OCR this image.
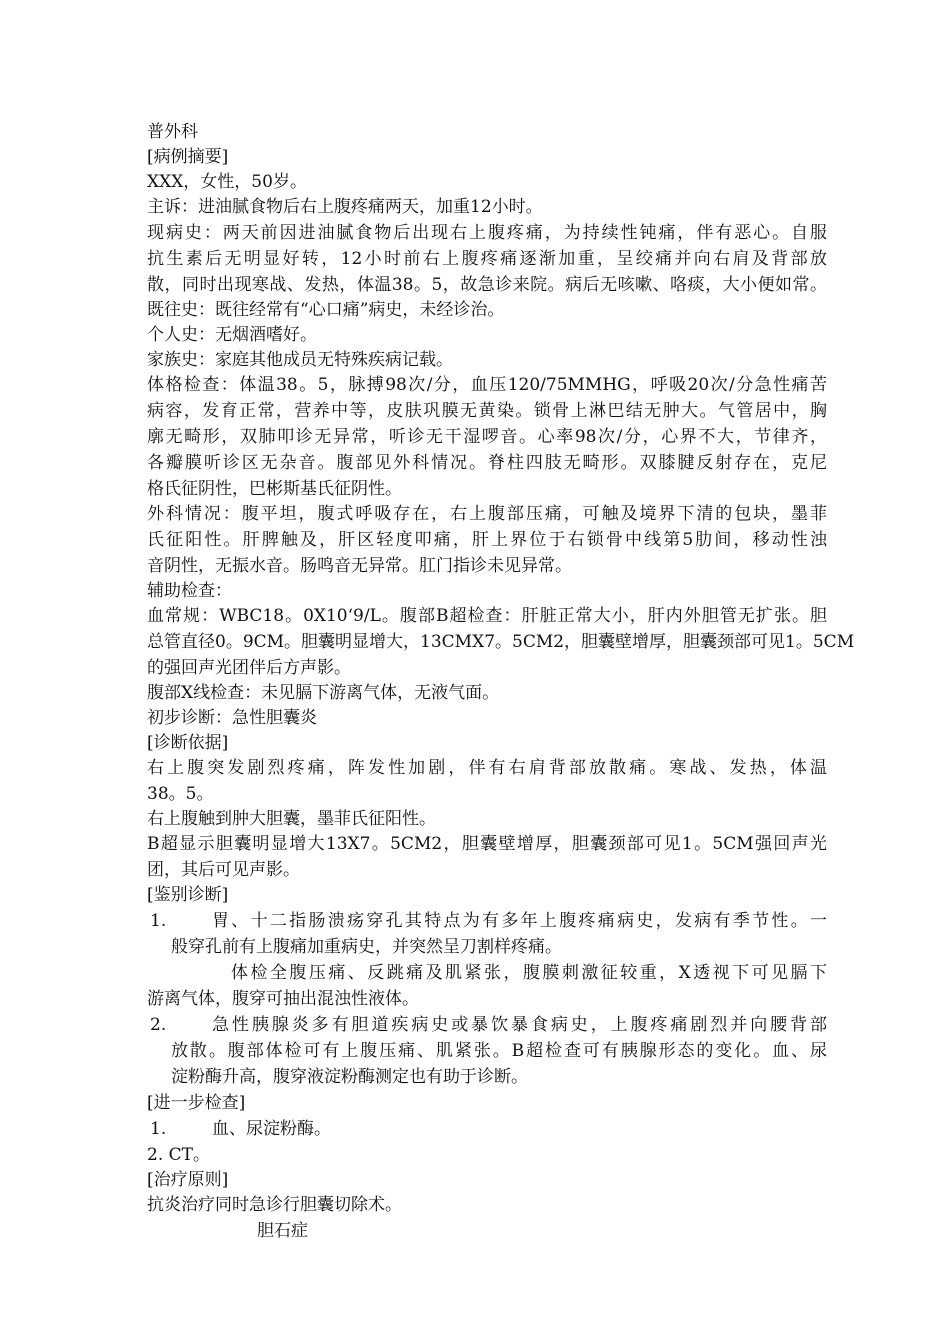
普外科
[病例摘要]
XXX，女性，50岁。
主诉：进油腻食物后右上腹疼痛两天，加重12小时。
现病史：两天前因进油腻食物后出现右上腹疼痛，为持续性钝痛，伴有恶心。自服
抗生素后无明显好转，12小时前右上腹疼痛逐渐加重，呈绞痛并向右肩及背部放
散，同时出现寒战、发热，体温38。5，故急诊来院。病后无咳嗽、咯痰，大小便如常。
既往史：既往经常有“心口痛”病史，未经诊治。
个人史：无烟酒嗜好。
家族史：家庭其他成员无特殊疾病记载。
体格检查：体温38。5，脉搏98次/分，血压120/75MMHG，呼吸20次/分急性痛苦
病容，发育正常，营养中等，皮肤巩膜无黄染。锁骨上淋巴结无肿大。气管居中，胸
廓无畸形，双肺叩诊无异常，听诊无干湿啰音。心率98次/分，心界不大，节律齐，
各瓣膜听诊区无杂音。腹部见外科情况。脊柱四肢无畸形。双膝腱反射存在，克尼
格氏征阴性，巴彬斯基氏征阴性。
外科情况：腹平坦，腹式呼吸存在，右上腹部压痛，可触及境界下清的包块，墨菲
氏征阳性。肝脾触及，肝区轻度叩痛，肝上界位于右锁骨中线第5肋间，移动性浊
音阴性，无振水音。肠鸣音无异常。肛门指诊未见异常。
辅助检查：
血常规：WBC18。0X10‘9/L。腹部B超检查：肝脏正常大小，肝内外胆管无扩张。胆
总管直径0。9CM。胆囊明显增大，13CMX7。5CM2，胆囊壁增厚，胆囊颈部可见1。5CM
的强回声光团伴后方声影。
腹部X线检查：未见膈下游离气体，无液气面。
初步诊断：急性胆囊炎
[诊断依据]
右上腹突发剧烈疼痛，阵发性加剧，伴有右肩背部放散痛。寒战、发热，体温
38。5。
右上腹触到肿大胆囊，墨菲氏征阳性。
B超显示胆囊明显增大13X7。5CM2，胆囊壁增厚，胆囊颈部可见1。5CM强回声光
团，其后可见声影。
[鉴别诊断]
1.	胃、十二指肠溃疡穿孔其特点为有多年上腹疼痛病史，发病有季节性。一
般穿孔前有上腹痛加重病史，并突然呈刀割样疼痛。
体检全腹压痛、反跳痛及肌紧张，腹膜刺激征较重，X透视下可见膈下
游离气体，腹穿可抽出混浊性液体。
2.	急性胰腺炎多有胆道疾病史或暴饮暴食病史，上腹疼痛剧烈并向腰背部
放散。腹部体检可有上腹压痛、肌紧张。B超检查可有胰腺形态的变化。血、尿
淀粉酶升高，腹穿液淀粉酶测定也有助于诊断。
[进一步检查]
1.	血、尿淀粉酶。
2. CT。
[治疗原则]
抗炎治疗同时急诊行胆囊切除术。
胆石症
